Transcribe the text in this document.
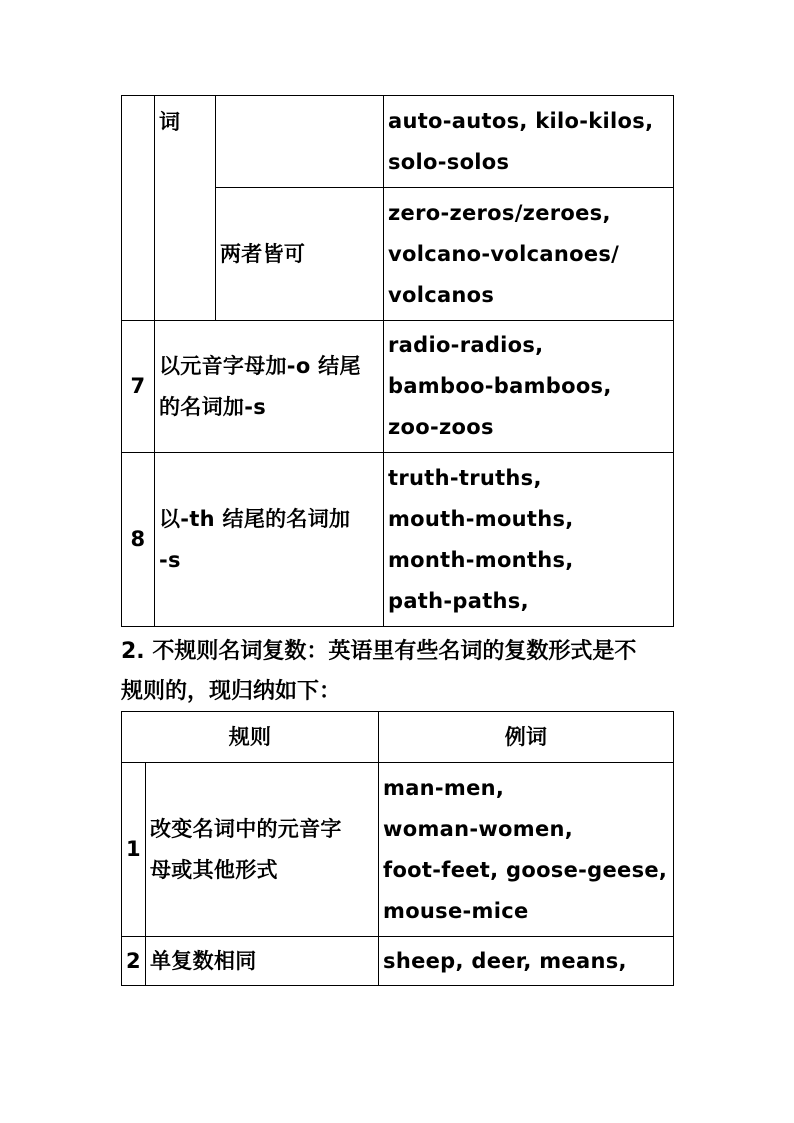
	词		auto-autos, kilo-kilos,
solo-solos

		两者皆可	zero-zeros/zeroes,
volcano-volcanoes/
volcanos

7	以元音字母加-o 结尾
的名词加-s		radio-radios,
bamboo-bamboos,
zoo-zoos

8	以-th 结尾的名词加
-s		truth-truths,
mouth-mouths,
month-months,
path-paths,
2. 不规则名词复数：英语里有些名词的复数形式是不
规则的，现归纳如下：
规则		例词
1	改变名词中的元音字
母或其他形式	man-men,
woman-women,
foot-feet, goose-geese,
mouse-mice

2	单复数相同	sheep, deer, means,
